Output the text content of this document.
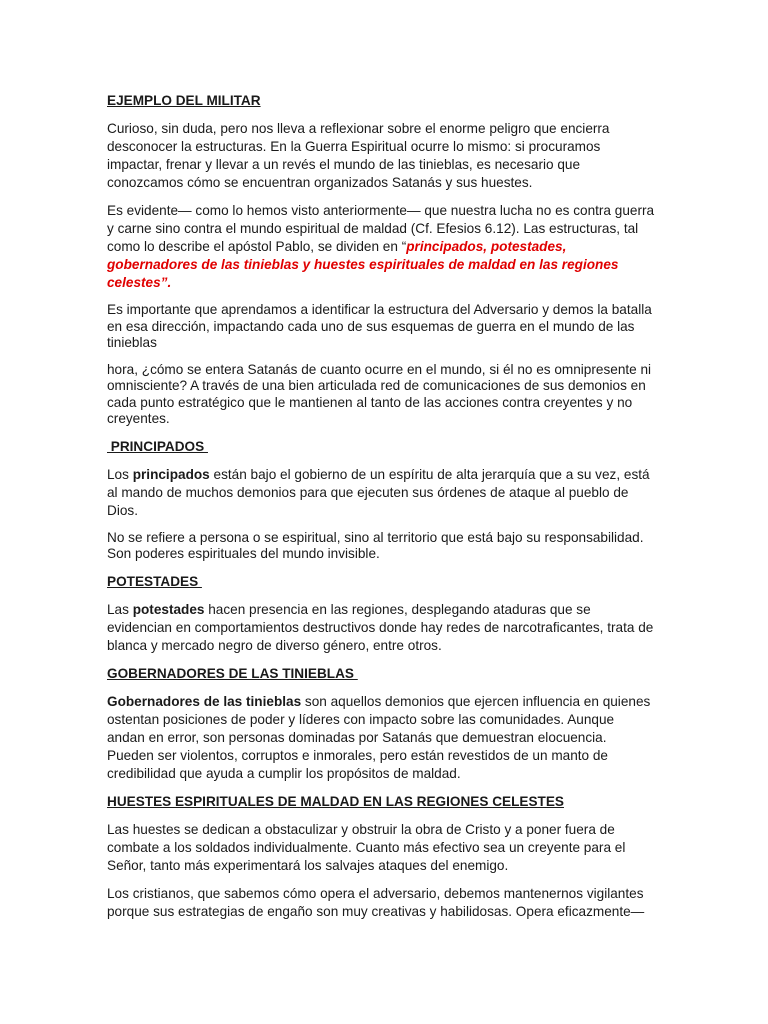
EJEMPLO DEL MILITAR
Curioso, sin duda, pero nos lleva a reflexionar sobre el enorme peligro que encierra desconocer la estructuras. En la Guerra Espiritual ocurre lo mismo: si procuramos impactar, frenar y llevar a un revés el mundo de las tinieblas, es necesario que conozcamos cómo se encuentran organizados Satanás y sus huestes.
Es evidente— como lo hemos visto anteriormente— que nuestra lucha no es contra guerra y carne sino contra el mundo espiritual de maldad (Cf. Efesios 6.12). Las estructuras, tal como lo describe el apóstol Pablo, se dividen en “principados, potestades, gobernadores de las tinieblas y huestes espirituales de maldad en las regiones celestes”.
Es importante que aprendamos a identificar la estructura del Adversario y demos la batalla en esa dirección, impactando cada uno de sus esquemas de guerra en el mundo de las tinieblas
hora, ¿cómo se entera Satanás de cuanto ocurre en el mundo, si él no es omnipresente ni omnisciente? A través de una bien articulada red de comunicaciones de sus demonios en cada punto estratégico que le mantienen al tanto de las acciones contra creyentes y no creyentes.
PRINCIPADOS
Los principados están bajo el gobierno de un espíritu de alta jerarquía que a su vez, está al mando de muchos demonios para que ejecuten sus órdenes de ataque al pueblo de Dios.
No se refiere a persona o se espiritual, sino al territorio que está bajo su responsabilidad. Son poderes espirituales del mundo invisible.
POTESTADES
Las potestades hacen presencia en las regiones, desplegando ataduras que se evidencian en comportamientos destructivos donde hay redes de narcotraficantes, trata de blanca y mercado negro de diverso género, entre otros.
GOBERNADORES DE LAS TINIEBLAS
Gobernadores de las tinieblas son aquellos demonios que ejercen influencia en quienes ostentan posiciones de poder y líderes con impacto sobre las comunidades. Aunque andan en error, son personas dominadas por Satanás que demuestran elocuencia. Pueden ser violentos, corruptos e inmorales, pero están revestidos de un manto de credibilidad que ayuda a cumplir los propósitos de maldad.
HUESTES ESPIRITUALES DE MALDAD EN LAS REGIONES CELESTES
Las huestes se dedican a obstaculizar y obstruir la obra de Cristo y a poner fuera de combate a los soldados individualmente. Cuanto más efectivo sea un creyente para el Señor, tanto más experimentará los salvajes ataques del enemigo.
Los cristianos, que sabemos cómo opera el adversario, debemos mantenernos vigilantes porque sus estrategias de engaño son muy creativas y habilidosas. Opera eficazmente—
